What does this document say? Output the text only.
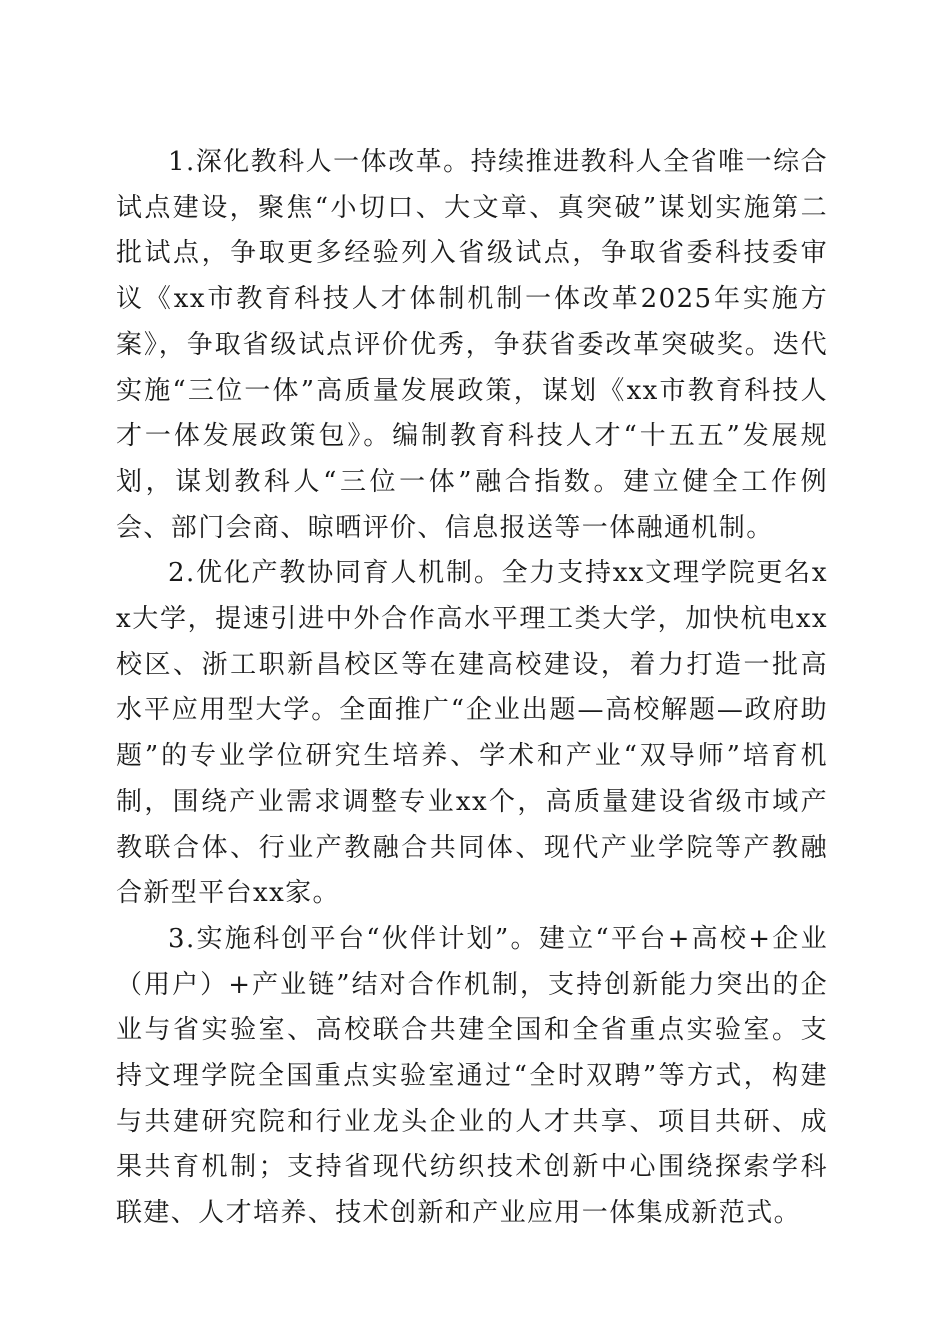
1.深化教科人一体改革。持续推进教科人全省唯一综合试点建设，聚焦“小切口、大文章、真突破”谋划实施第二批试点，争取更多经验列入省级试点，争取省委科技委审议《xx市教育科技人才体制机制一体改革2025年实施方案》，争取省级试点评价优秀，争获省委改革突破奖。迭代实施“三位一体”高质量发展政策，谋划《xx市教育科技人才一体发展政策包》。编制教育科技人才“十五五”发展规划，谋划教科人“三位一体”融合指数。建立健全工作例会、部门会商、晾晒评价、信息报送等一体融通机制。

2.优化产教协同育人机制。全力支持xx文理学院更名xx大学，提速引进中外合作高水平理工类大学，加快杭电xx校区、浙工职新昌校区等在建高校建设，着力打造一批高水平应用型大学。全面推广“企业出题—高校解题—政府助题”的专业学位研究生培养、学术和产业“双导师”培育机制，围绕产业需求调整专业xx个，高质量建设省级市域产教联合体、行业产教融合共同体、现代产业学院等产教融合新型平台xx家。

3.实施科创平台“伙伴计划”。建立“平台+高校+企业（用户）+产业链”结对合作机制，支持创新能力突出的企业与省实验室、高校联合共建全国和全省重点实验室。支持文理学院全国重点实验室通过“全时双聘”等方式，构建与共建研究院和行业龙头企业的人才共享、项目共研、成果共育机制；支持省现代纺织技术创新中心围绕探索学科联建、人才培养、技术创新和产业应用一体集成新范式。
